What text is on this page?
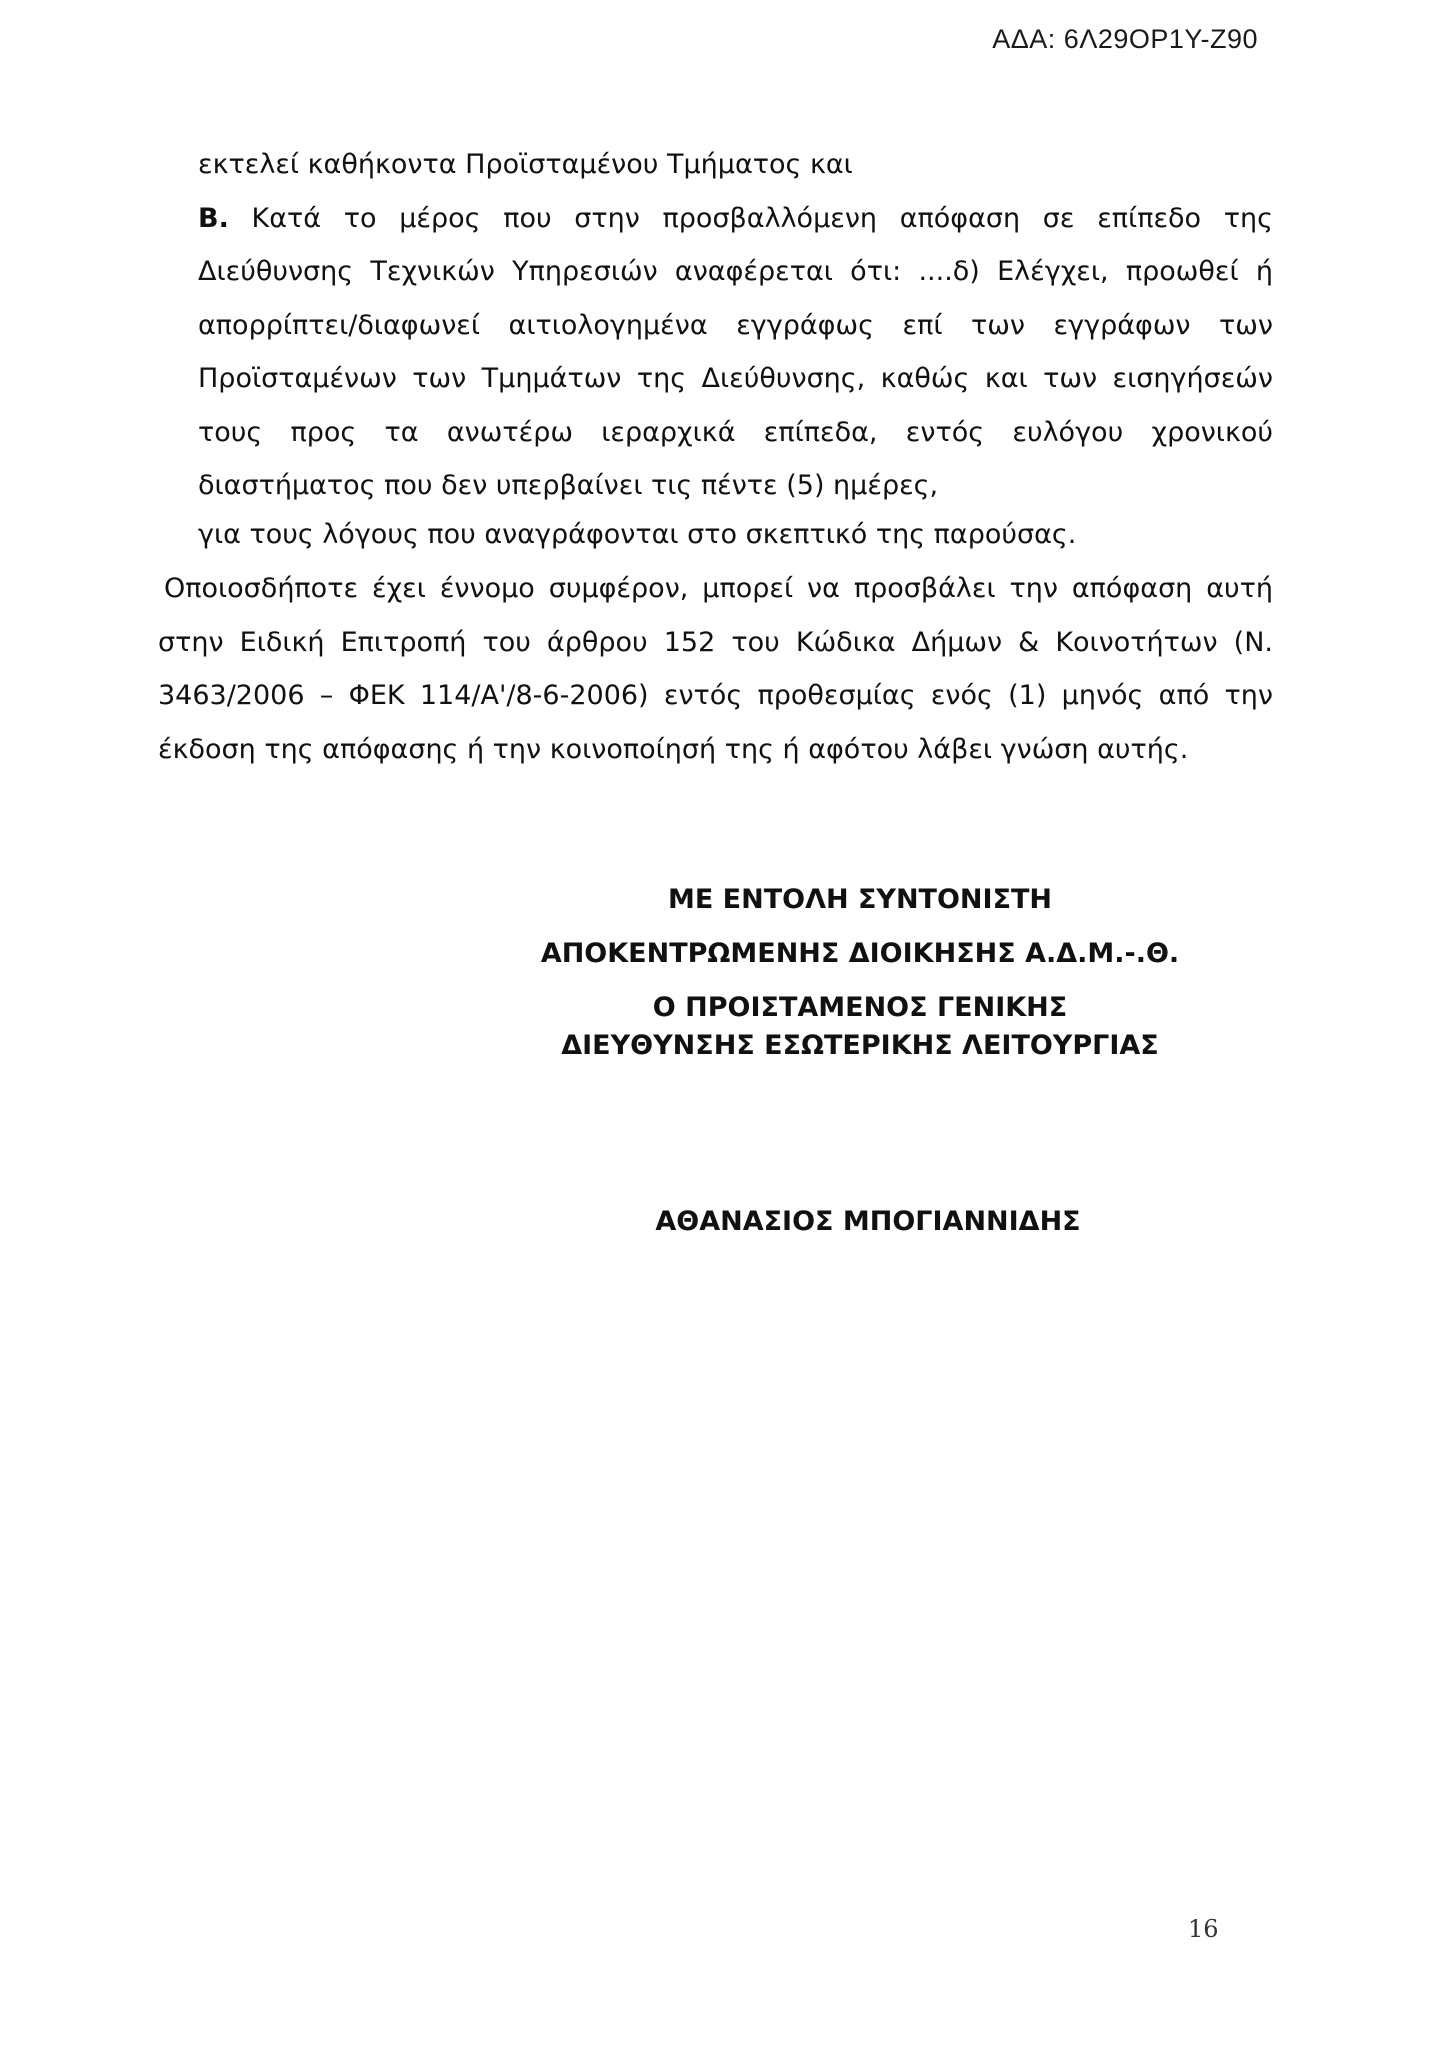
ΑΔΑ: 6Λ29ΟΡ1Υ-Ζ90

εκτελεί καθήκοντα Προϊσταμένου Τμήματος και

Β. Κατά το μέρος που στην προσβαλλόμενη απόφαση σε επίπεδο της Διεύθυνσης Τεχνικών Υπηρεσιών αναφέρεται ότι: ....δ) Ελέγχει, προωθεί ή απορρίπτει/διαφωνεί αιτιολογημένα εγγράφως επί των εγγράφων των Προϊσταμένων των Τμημάτων της Διεύθυνσης, καθώς και των εισηγήσεών τους προς τα ανωτέρω ιεραρχικά επίπεδα, εντός ευλόγου χρονικού διαστήματος που δεν υπερβαίνει τις πέντε (5) ημέρες,

για τους λόγους που αναγράφονται στο σκεπτικό της παρούσας.

Οποιοσδήποτε έχει έννομο συμφέρον, μπορεί να προσβάλει την απόφαση αυτή στην Ειδική Επιτροπή του άρθρου 152 του Κώδικα Δήμων & Κοινοτήτων (Ν. 3463/2006 – ΦΕΚ 114/Α'/8-6-2006) εντός προθεσμίας ενός (1) μηνός από την έκδοση της απόφασης ή την κοινοποίησή της ή αφότου λάβει γνώση αυτής.

ΜΕ ΕΝΤΟΛΗ ΣΥΝΤΟΝΙΣΤΗ
ΑΠΟΚΕΝΤΡΩΜΕΝΗΣ ΔΙΟΙΚΗΣΗΣ Α.Δ.Μ.-.Θ.
Ο ΠΡΟΙΣΤΑΜΕΝΟΣ ΓΕΝΙΚΗΣ
ΔΙΕΥΘΥΝΣΗΣ ΕΣΩΤΕΡΙΚΗΣ ΛΕΙΤΟΥΡΓΙΑΣ
ΑΘΑΝΑΣΙΟΣ ΜΠΟΓΙΑΝΝΙΔΗΣ
16
